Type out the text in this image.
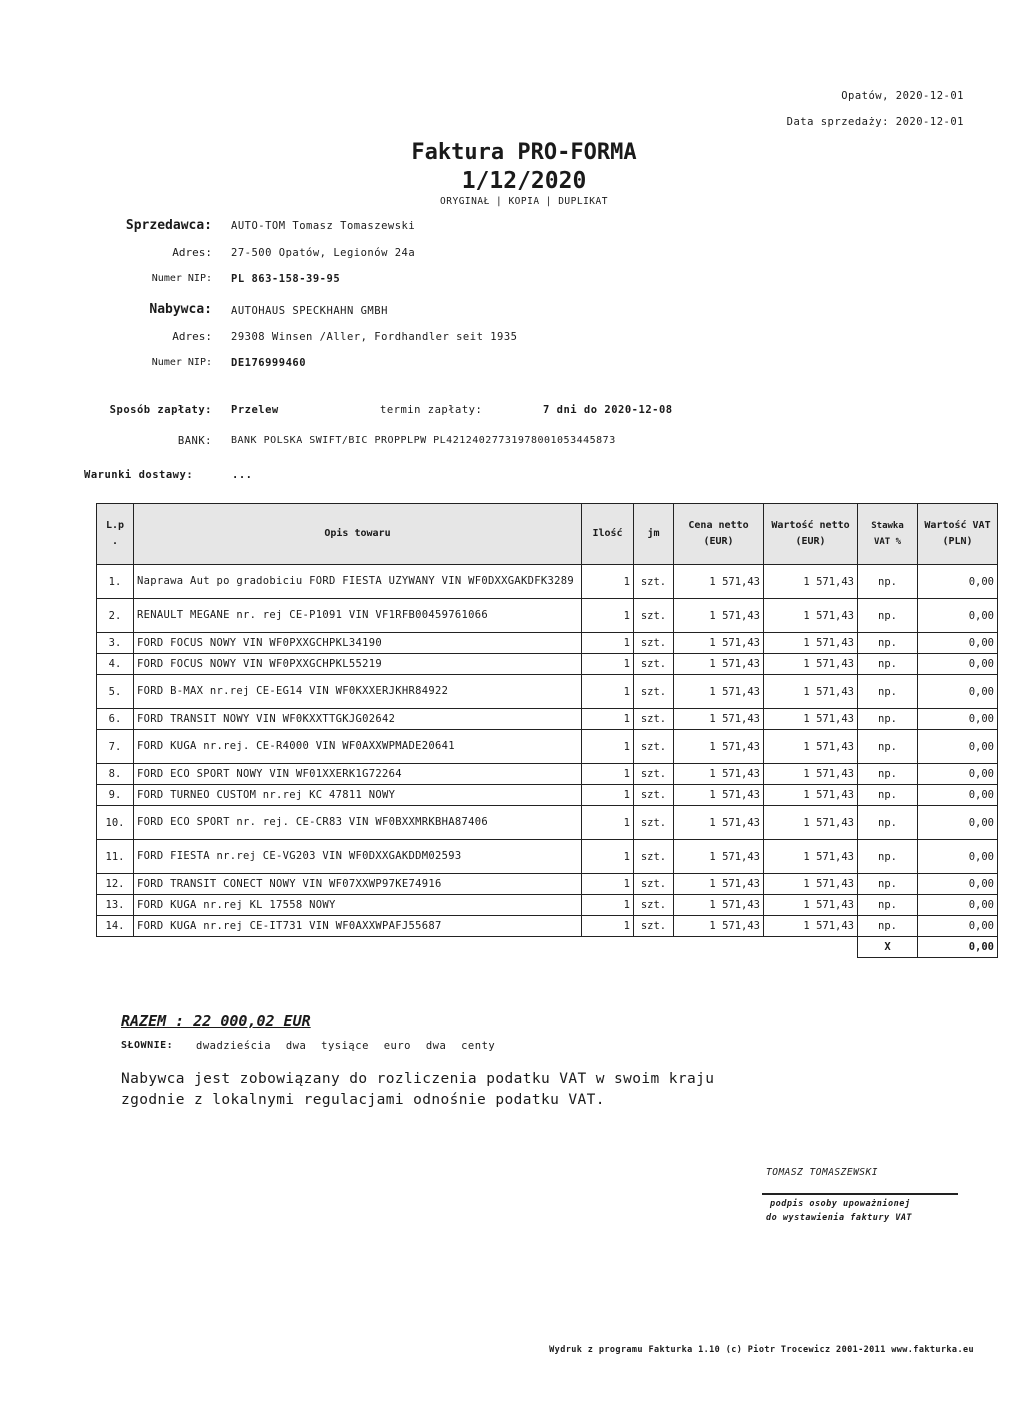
Opatów, 2020-12-01
Data sprzedaży: 2020-12-01
Faktura PRO-FORMA
1/12/2020
ORYGINAŁ | KOPIA | DUPLIKAT
Sprzedawca: AUTO-TOM Tomasz Tomaszewski
Adres: 27-500 Opatów, Legionów 24a
Numer NIP: PL 863-158-39-95
Nabywca: AUTOHAUS SPECKHAHN GMBH
Adres: 29308 Winsen /Aller, Fordhandler seit 1935
Numer NIP: DE176999460
Sposób zapłaty: Przelew	termin zapłaty:	7 dni do 2020-12-08
BANK: BANK POLSKA SWIFT/BIC PROPPLPW PL42124027731978001053445873
Warunki dostawy:	...
L.p .	Opis towaru	Ilość	jm	Cena netto (EUR)	Wartość netto (EUR)	Stawka VAT %	Wartość VAT (PLN)
1.	Naprawa Aut po gradobiciu FORD FIESTA UZYWANY VIN WF0DXXGAKDFK3289	1	szt.	1 571,43	1 571,43	np.	0,00
2.	RENAULT MEGANE nr. rej CE-P1091 VIN VF1RFB00459761066	1	szt.	1 571,43	1 571,43	np.	0,00
3.	FORD FOCUS NOWY VIN WF0PXXGCHPKL34190	1	szt.	1 571,43	1 571,43	np.	0,00
4.	FORD FOCUS NOWY VIN WF0PXXGCHPKL55219	1	szt.	1 571,43	1 571,43	np.	0,00
5.	FORD B-MAX nr.rej CE-EG14 VIN WF0KXXERJKHR84922	1	szt.	1 571,43	1 571,43	np.	0,00
6.	FORD TRANSIT NOWY VIN WF0KXXTTGKJG02642	1	szt.	1 571,43	1 571,43	np.	0,00
7.	FORD KUGA nr.rej. CE-R4000 VIN WF0AXXWPMADE20641	1	szt.	1 571,43	1 571,43	np.	0,00
8.	FORD ECO SPORT NOWY VIN WF01XXERK1G72264	1	szt.	1 571,43	1 571,43	np.	0,00
9.	FORD TURNEO CUSTOM nr.rej KC 47811 NOWY	1	szt.	1 571,43	1 571,43	np.	0,00
10.	FORD ECO SPORT nr. rej. CE-CR83 VIN WF0BXXMRKBHA87406	1	szt.	1 571,43	1 571,43	np.	0,00
11.	FORD FIESTA nr.rej CE-VG203 VIN WF0DXXGAKDDM02593	1	szt.	1 571,43	1 571,43	np.	0,00
12.	FORD TRANSIT CONECT NOWY VIN WF07XXWP97KE74916	1	szt.	1 571,43	1 571,43	np.	0,00
13.	FORD KUGA nr.rej KL 17558 NOWY	1	szt.	1 571,43	1 571,43	np.	0,00
14.	FORD KUGA nr.rej CE-IT731 VIN WF0AXXWPAFJ55687	1	szt.	1 571,43	1 571,43	np.	0,00
						X	0,00
RAZEM : 22 000,02 EUR
SŁOWNIE: dwadzieścia dwa tysiące euro dwa centy
Nabywca jest zobowiązany do rozliczenia podatku VAT w swoim kraju
zgodnie z lokalnymi regulacjami odnośnie podatku VAT.
TOMASZ TOMASZEWSKI
podpis osoby upoważnionej
do wystawienia faktury VAT
Wydruk z programu Fakturka 1.10 (c) Piotr Trocewicz 2001-2011 www.fakturka.eu
